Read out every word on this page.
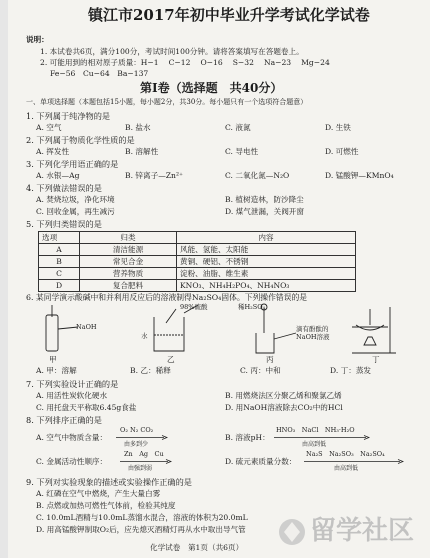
镇江市2017年初中毕业升学考试化学试卷
说明：
1. 本试卷共6页，满分100分，考试时间100分钟。请将答案填写在答题卷上。
2. 可能用到的相对原子质量：H−1　 C−12　 O−16　 S−32　 Na−23　 Mg−24
Fe−56　Cu−64　Ba−137
第Ⅰ卷（选择题　共40分）
一、单项选择题（本题包括15小题，每小题2分，共30分。每小题只有一个选项符合题意）
1. 下列属于纯净物的是
A. 空气	B. 盐水	C. 液氮	D. 生铁
2. 下列属于物质化学性质的是
A. 挥发性	B. 溶解性	C. 导电性	D. 可燃性
3. 下列化学用语正确的是
A. 水银—Ag	B. 锌离子—Zn²⁺	C. 二氧化氮—N₂O	D. 锰酸钾—KMnO₄
4. 下列做法错误的是
A. 焚烧垃圾，净化环境	B. 植树造林，防沙降尘
C. 回收金属，再生减污	D. 煤气泄漏，关阀开窗
5. 下列归类错误的是
选项	归类	内容
A	清洁能源	风能、氢能、太阳能
B	常见合金	黄铜、硬铝、不锈钢
C	营养物质	淀粉、油脂、维生素
D	复合肥料	KNO₃、NH₄H₂PO₄、NH₄NO₃
6. 某同学演示酸碱中和并利用反应后的溶液制得Na₂SO₄固体。下列操作错误的是
NaOH
98%硫酸
水
稀H₂SO₄
滴有酚酞的
NaOH溶液
甲	乙	丙	丁
A. 甲：溶解	B. 乙：稀释	C. 丙：中和	D. 丁：蒸发
7. 下列实验设计正确的是
A. 用活性炭软化硬水	B. 用燃烧法区分聚乙烯和聚氯乙烯
C. 用托盘天平称取6.45g食盐	D. 用NaOH溶液除去CO₂中的HCl
8. 下列排序正确的是
A. 空气中物质含量：
O₂ N₂ CO₂
由多到少
B. 溶液pH：
HNO₃　NaCl　NH₃·H₂O
由高到低
C. 金属活动性顺序：
Zn　Ag　Cu
由强到弱
D. 硫元素质量分数：
Na₂S　Na₂SO₃　Na₂SO₄
由高到低
9. 下列对实验现象的描述或实验操作正确的是
A. 红磷在空气中燃烧，产生大量白雾
B. 点燃或加热可燃性气体前，检验其纯度
C. 10.0mL酒精与10.0mL蒸馏水混合，溶液的体积为20.0mL
D. 用高锰酸钾制取O₂后，应先熄灭酒精灯再从水中取出导气管
化学试卷　第1页（共6页）
留学社区
